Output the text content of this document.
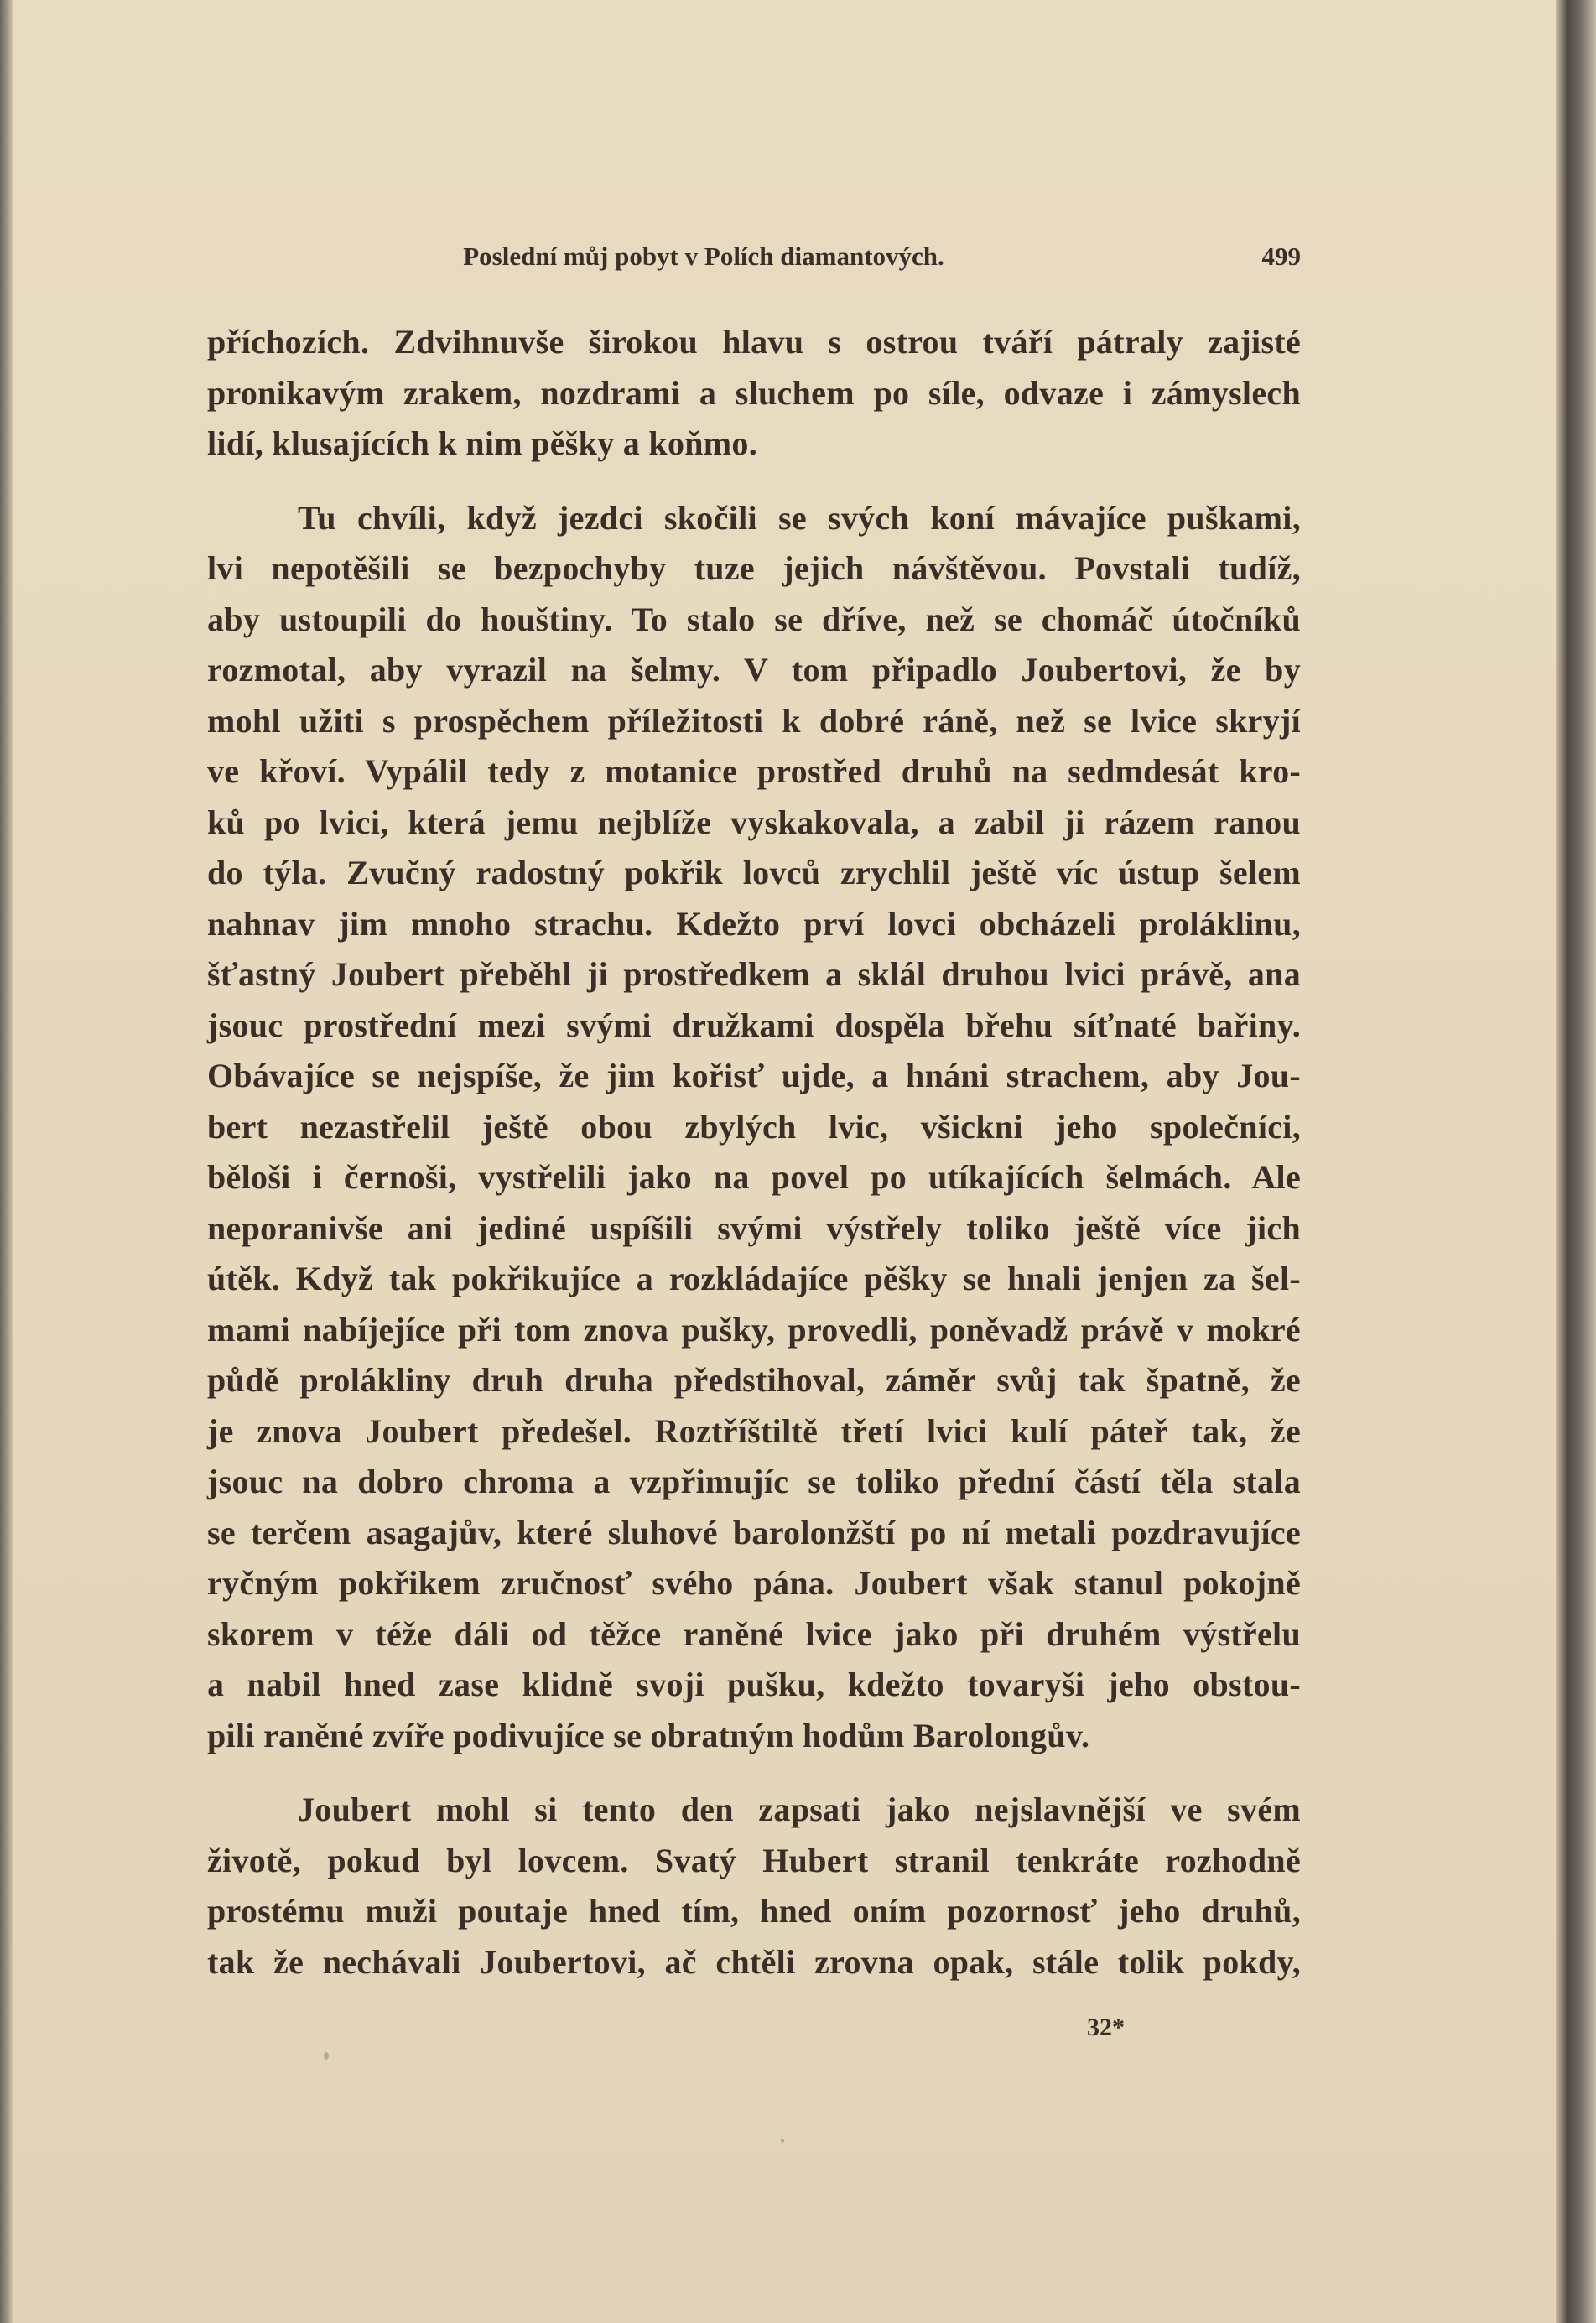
Poslední můj pobyt v Polích diamantových.	499
příchozích. Zdvihnuvše širokou hlavu s ostrou tváří pátraly zajisté
pronikavým zrakem, nozdrami a sluchem po síle, odvaze i zámyslech
lidí, klusajících k nim pěšky a koňmo.
Tu chvíli, když jezdci skočili se svých koní mávajíce puškami,
lvi nepotěšili se bezpochyby tuze jejich návštěvou. Povstali tudíž,
aby ustoupili do houštiny. To stalo se dříve, než se chomáč útočníků
rozmotal, aby vyrazil na šelmy. V tom připadlo Joubertovi, že by
mohl užiti s prospěchem příležitosti k dobré ráně, než se lvice skryjí
ve křoví. Vypálil tedy z motanice prostřed druhů na sedmdesát kro-
ků po lvici, která jemu nejblíže vyskakovala, a zabil ji rázem ranou
do týla. Zvučný radostný pokřik lovců zrychlil ještě víc ústup šelem
nahnav jim mnoho strachu. Kdežto prví lovci obcházeli proláklinu,
šťastný Joubert přeběhl ji prostředkem a sklál druhou lvici právě, ana
jsouc prostřední mezi svými družkami dospěla břehu síťnaté bařiny.
Obávajíce se nejspíše, že jim kořisť ujde, a hnáni strachem, aby Jou-
bert nezastřelil ještě obou zbylých lvic, všickni jeho společníci,
běloši i černoši, vystřelili jako na povel po utíkajících šelmách. Ale
neporanivše ani jediné uspíšili svými výstřely toliko ještě více jich
útěk. Když tak pokřikujíce a rozkládajíce pěšky se hnali jenjen za šel-
mami nabíjejíce při tom znova pušky, provedli, poněvadž právě v mokré
půdě prolákliny druh druha předstihoval, záměr svůj tak špatně, že
je znova Joubert předešel. Roztříštiltě třetí lvici kulí páteř tak, že
jsouc na dobro chroma a vzpřimujíc se toliko přední částí těla stala
se terčem asagajův, které sluhové barolonžští po ní metali pozdravujíce
ryčným pokřikem zručnosť svého pána. Joubert však stanul pokojně
skorem v téže dáli od těžce raněné lvice jako při druhém výstřelu
a nabil hned zase klidně svoji pušku, kdežto tovaryši jeho obstou-
pili raněné zvíře podivujíce se obratným hodům Barolongův.
Joubert mohl si tento den zapsati jako nejslavnější ve svém
životě, pokud byl lovcem. Svatý Hubert stranil tenkráte rozhodně
prostému muži poutaje hned tím, hned oním pozornosť jeho druhů,
tak že nechávali Joubertovi, ač chtěli zrovna opak, stále tolik pokdy,
32*
